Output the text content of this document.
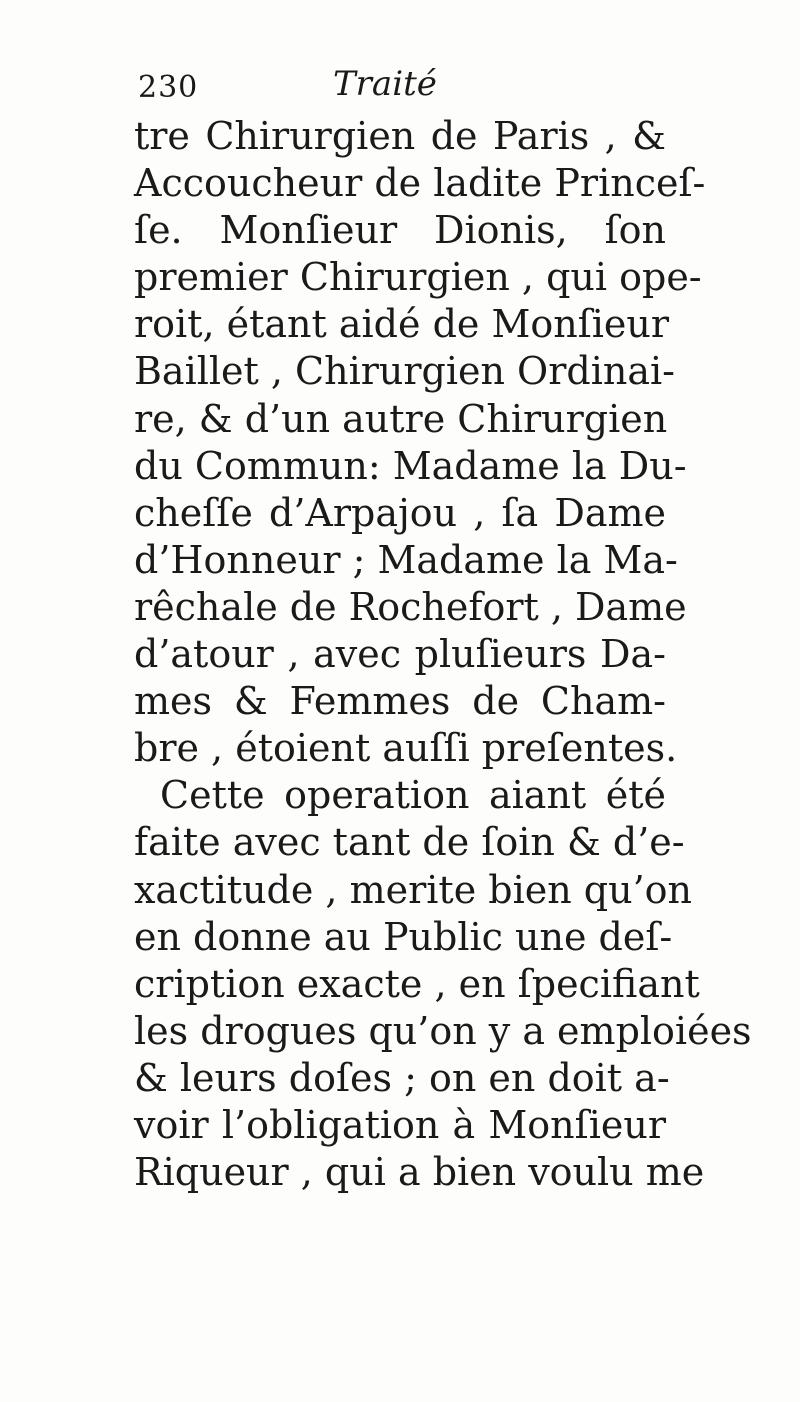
230	Traité
tre Chirurgien de Paris , &
Accoucheur de ladite Princeſ-
ſe. Monſieur Dionis, ſon
premier Chirurgien , qui ope-
roit, étant aidé de Monſieur
Baillet , Chirurgien Ordinai-
re, & d’un autre Chirurgien
du Commun: Madame la Du-
cheſſe d’Arpajou , ſa Dame
d’Honneur ; Madame la Ma-
rêchale de Rochefort , Dame
d’atour , avec pluſieurs Da-
mes & Femmes de Cham-
bre , étoient auſſi preſentes.
Cette operation aiant été
faite avec tant de ſoin & d’e-
xactitude , merite bien qu’on
en donne au Public une deſ-
cription exacte , en ſpecifiant
les drogues qu’on y a emploiées
& leurs doſes ; on en doit a-
voir l’obligation à Monſieur
Riqueur , qui a bien voulu me
